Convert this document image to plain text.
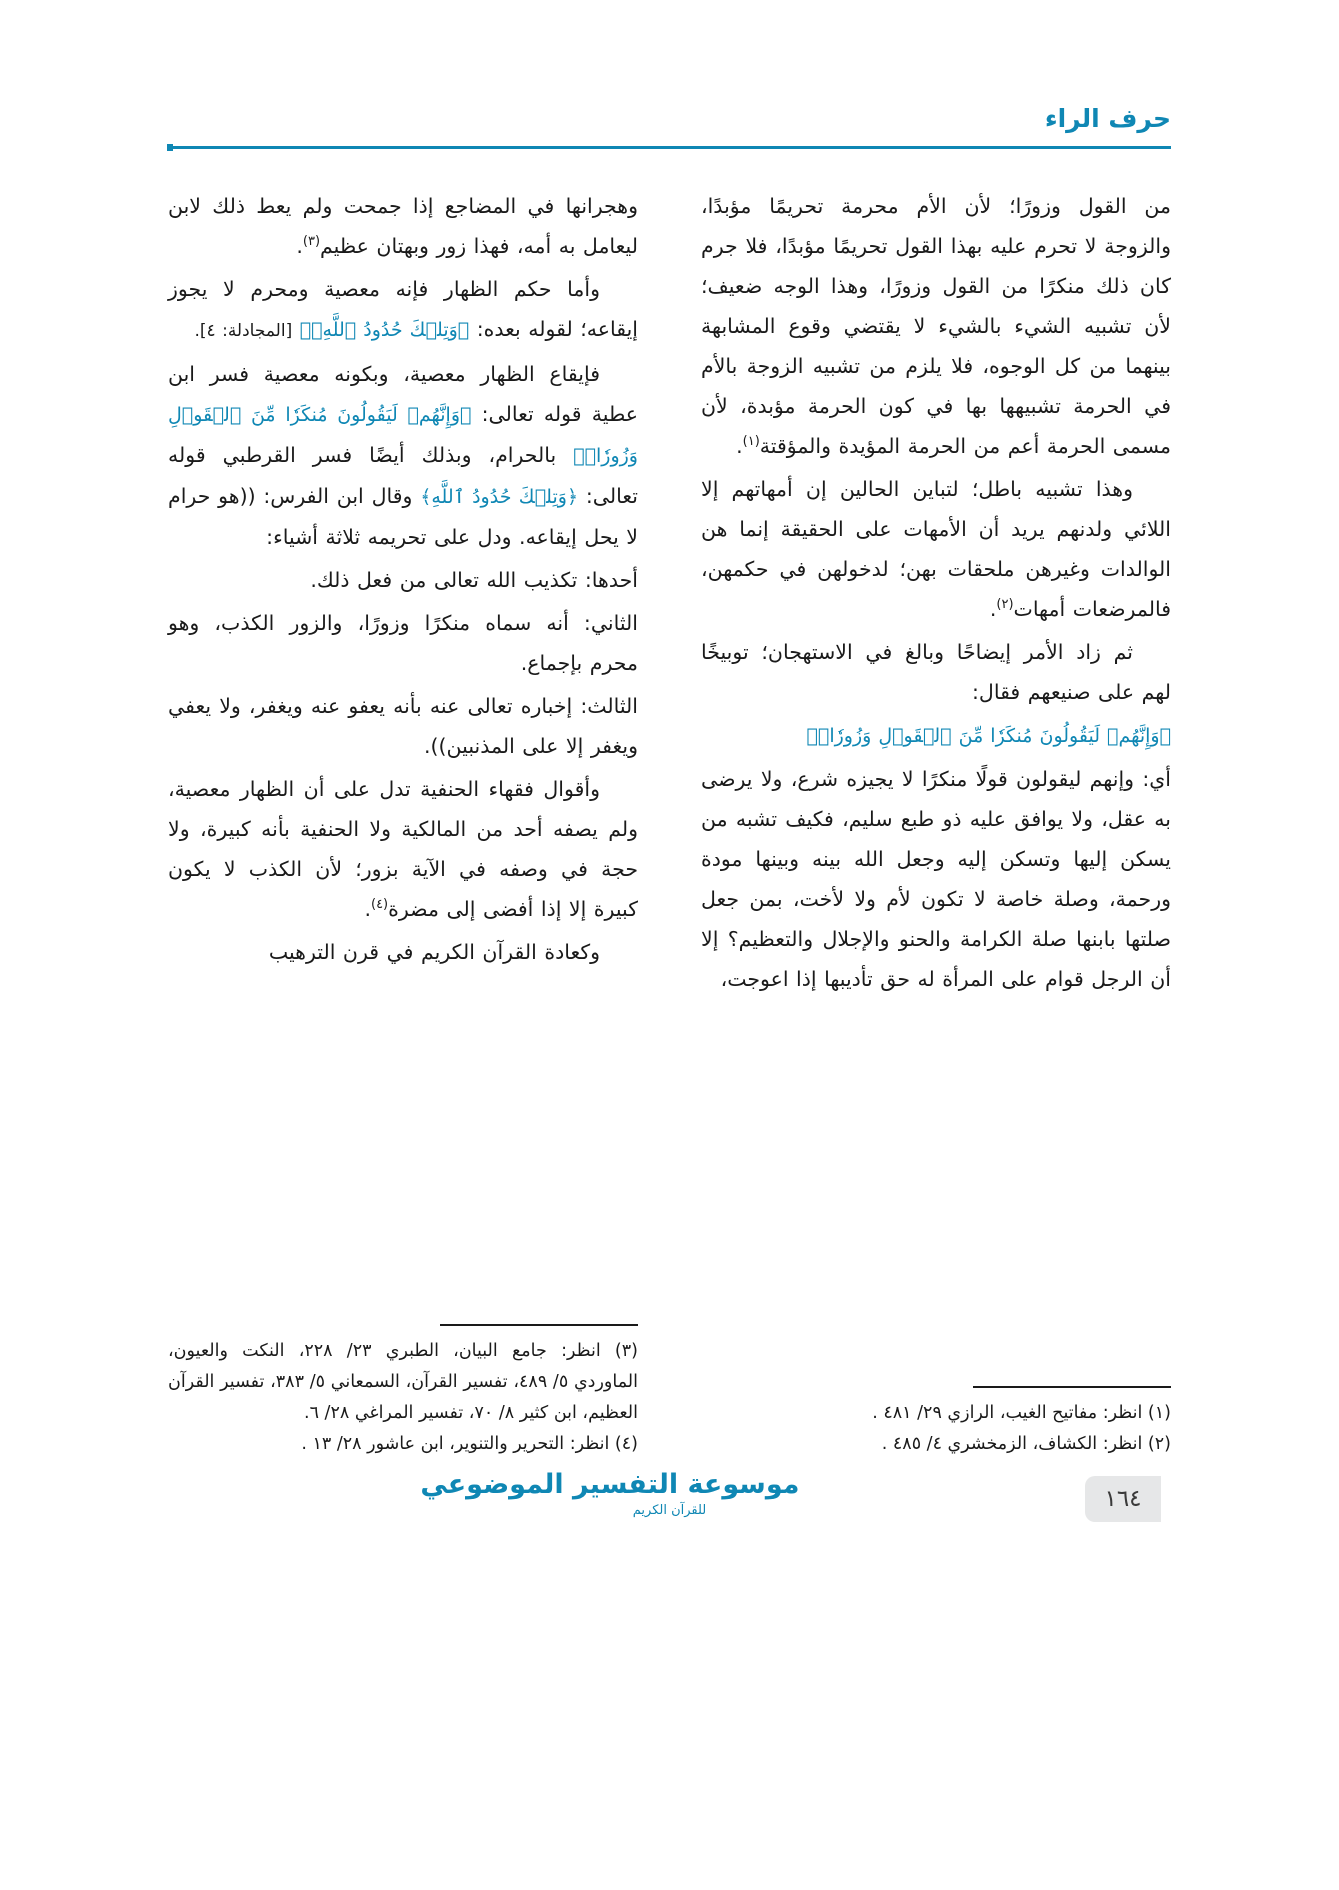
حرف الراء

من القول وزورًا؛ لأن الأم محرمة تحريمًا مؤبدًا، والزوجة لا تحرم عليه بهذا القول تحريمًا مؤبدًا، فلا جرم كان ذلك منكرًا من القول وزورًا، وهذا الوجه ضعيف؛ لأن تشبيه الشيء بالشيء لا يقتضي وقوع المشابهة بينهما من كل الوجوه، فلا يلزم من تشبيه الزوجة بالأم في الحرمة تشبيهها بها في كون الحرمة مؤبدة، لأن مسمى الحرمة أعم من الحرمة المؤيدة والمؤقتة$^{(١)}$.

وهذا تشبيه باطل؛ لتباين الحالين إن أمهاتهم إلا اللائي ولدنهم يريد أن الأمهات على الحقيقة إنما هن الوالدات وغيرهن ملحقات بهن؛ لدخولهن في حكمهن، فالمرضعات أمهات$^{(٢)}$.

ثم زاد الأمر إيضاحًا وبالغ في الاستهجان؛ توبيخًا لهم على صنيعهم فقال:

﴿وَإِنَّهُمۡ لَيَقُولُونَ مُنكَرٗا مِّنَ ٱلۡقَوۡلِ وَزُورٗاۚ﴾

أي: وإنهم ليقولون قولًا منكرًا لا يجيزه شرع، ولا يرضى به عقل، ولا يوافق عليه ذو طبع سليم، فكيف تشبه من يسكن إليها وتسكن إليه وجعل الله بينه وبينها مودة ورحمة، وصلة خاصة لا تكون لأم ولا لأخت، بمن جعل صلتها بابنها صلة الكرامة والحنو والإجلال والتعظيم؟ إلا أن الرجل قوام على المرأة له حق تأديبها إذا اعوجت،

وهجرانها في المضاجع إذا جمحت ولم يعط ذلك لابن ليعامل به أمه، فهذا زور وبهتان عظيم$^{(٣)}$.

وأما حكم الظهار فإنه معصية ومحرم لا يجوز إيقاعه؛ لقوله بعده: ﴿وَتِلۡكَ حُدُودُ ٱللَّهِۗ﴾ [المجادلة: ٤].

فإيقاع الظهار معصية، وبكونه معصية فسر ابن عطية قوله تعالى: ﴿وَإِنَّهُمۡ لَيَقُولُونَ مُنكَرٗا مِّنَ ٱلۡقَوۡلِ وَزُورٗاۚ﴾ بالحرام، وبذلك أيضًا فسر القرطبي قوله تعالى: ﴿وَتِلۡكَ حُدُودُ ٱللَّهِ﴾ وقال ابن الفرس: ((هو حرام لا يحل إيقاعه. ودل على تحريمه ثلاثة أشياء:

أحدها: تكذيب الله تعالى من فعل ذلك.

الثاني: أنه سماه منكرًا وزورًا، والزور الكذب، وهو محرم بإجماع.

الثالث: إخباره تعالى عنه بأنه يعفو عنه ويغفر، ولا يعفي ويغفر إلا على المذنبين)).

وأقوال فقهاء الحنفية تدل على أن الظهار معصية، ولم يصفه أحد من المالكية ولا الحنفية بأنه كبيرة، ولا حجة في وصفه في الآية بزور؛ لأن الكذب لا يكون كبيرة إلا إذا أفضى إلى مضرة$^{(٤)}$.

وكعادة القرآن الكريم في قرن الترهيب

(١) انظر: مفاتيح الغيب، الرازي ٢٩/ ٤٨١ .

(٢) انظر: الكشاف، الزمخشري ٤/ ٤٨٥ .

(٣) انظر: جامع البيان، الطبري ٢٣/ ٢٢٨، النكت والعيون، الماوردي ٥/ ٤٨٩، تفسير القرآن، السمعاني ٥/ ٣٨٣، تفسير القرآن العظيم، ابن كثير ٨/ ٧٠، تفسير المراغي ٢٨/ ٦.

(٤) انظر: التحرير والتنوير، ابن عاشور ٢٨/ ١٣ .

موسوعة التفسير الموضوعي
للقرآن الكريم	١٦٤
